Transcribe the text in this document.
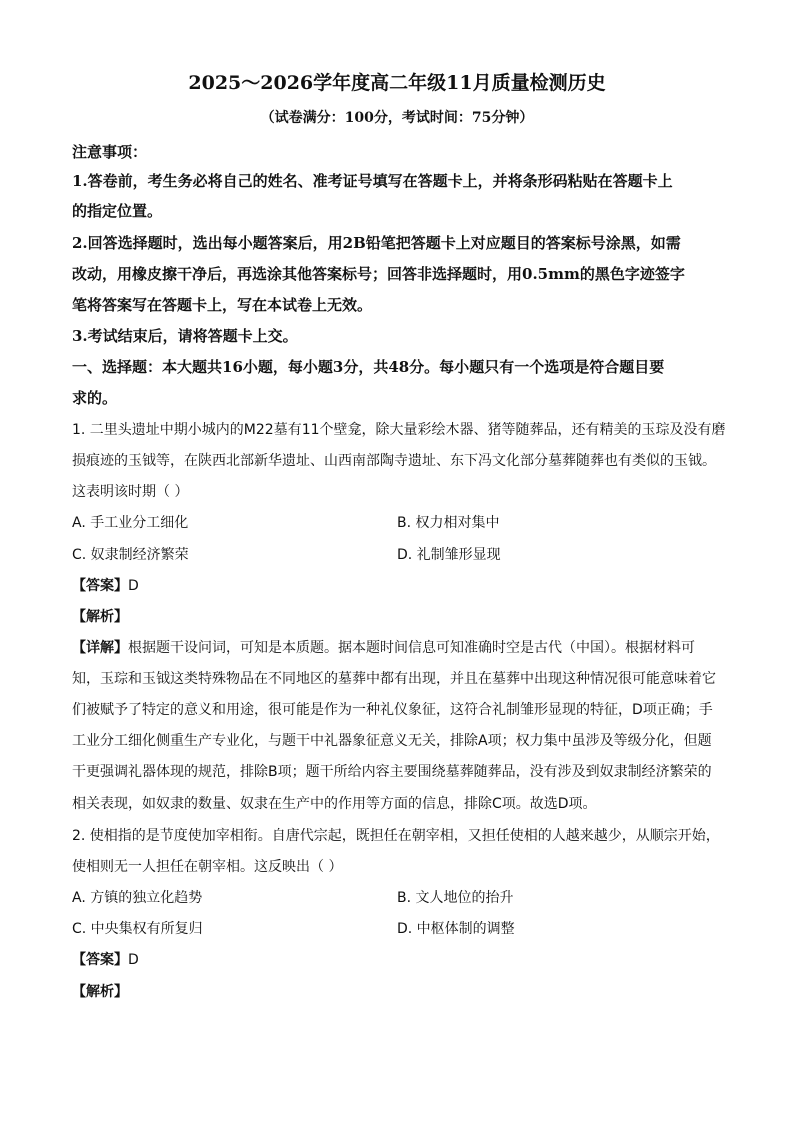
2025～2026学年度高二年级11月质量检测历史
（试卷满分：100分，考试时间：75分钟）
注意事项：
1.答卷前，考生务必将自己的姓名、准考证号填写在答题卡上，并将条形码粘贴在答题卡上
的指定位置。
2.回答选择题时，选出每小题答案后，用2B铅笔把答题卡上对应题目的答案标号涂黑，如需
改动，用橡皮擦干净后，再选涂其他答案标号；回答非选择题时，用0.5mm的黑色字迹签字
笔将答案写在答题卡上，写在本试卷上无效。
3.考试结束后，请将答题卡上交。
一、选择题：本大题共16小题，每小题3分，共48分。每小题只有一个选项是符合题目要
求的。
1. 二里头遗址中期小城内的M22墓有11个壁龛，除大量彩绘木器、猪等随葬品，还有精美的玉琮及没有磨
损痕迹的玉钺等，在陕西北部新华遗址、山西南部陶寺遗址、东下冯文化部分墓葬随葬也有类似的玉钺。
这表明该时期（ ）
A. 手工业分工细化	B. 权力相对集中
C. 奴隶制经济繁荣	D. 礼制雏形显现
【答案】D
【解析】
【详解】根据题干设问词，可知是本质题。据本题时间信息可知准确时空是古代（中国）。根据材料可
知，玉琮和玉钺这类特殊物品在不同地区的墓葬中都有出现，并且在墓葬中出现这种情况很可能意味着它
们被赋予了特定的意义和用途，很可能是作为一种礼仪象征，这符合礼制雏形显现的特征，D项正确；手
工业分工细化侧重生产专业化，与题干中礼器象征意义无关，排除A项；权力集中虽涉及等级分化，但题
干更强调礼器体现的规范，排除B项；题干所给内容主要围绕墓葬随葬品，没有涉及到奴隶制经济繁荣的
相关表现，如奴隶的数量、奴隶在生产中的作用等方面的信息，排除C项。故选D项。
2. 使相指的是节度使加宰相衔。自唐代宗起，既担任在朝宰相，又担任使相的人越来越少，从顺宗开始，
使相则无一人担任在朝宰相。这反映出（ ）
A. 方镇的独立化趋势	B. 文人地位的抬升
C. 中央集权有所复归	D. 中枢体制的调整
【答案】D
【解析】
